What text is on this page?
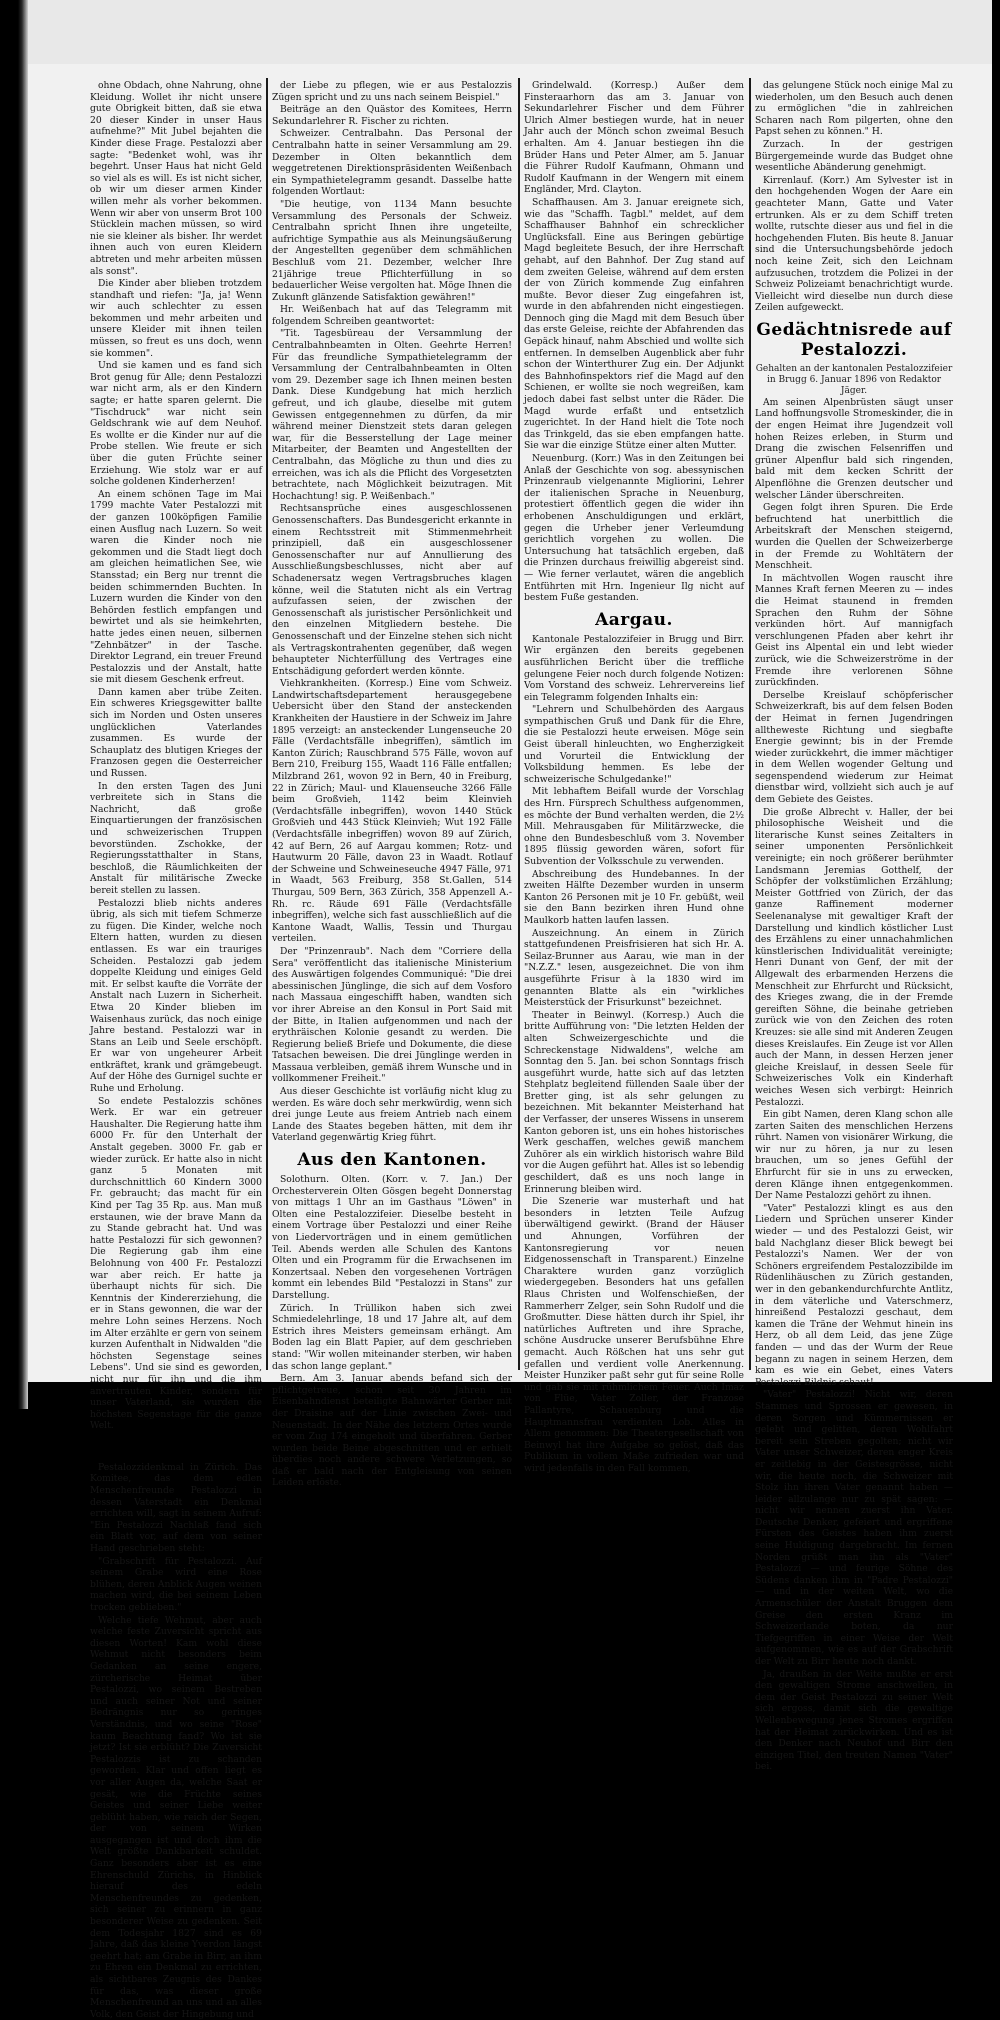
ohne Obdach, ohne Nahrung, ohne Kleidung. Wollet ihr nicht unsere gute Obrigkeit bitten, daß sie etwa 20 dieser Kinder in unser Haus aufnehme?" Mit Jubel bejahten die Kinder diese Frage. Pestalozzi aber sagte: "Bedenket wohl, was ihr begehrt. Unser Haus hat nicht Geld so viel als es will. Es ist nicht sicher, ob wir um dieser armen Kinder willen mehr als vorher bekommen. Wenn wir aber von unserm Brot 100 Stücklein machen müssen, so wird nie sie kleiner als bisher. Ihr werdet ihnen auch von euren Kleidern abtreten und mehr arbeiten müssen als sonst".

Die Kinder aber blieben trotzdem standhaft und riefen: "Ja, ja! Wenn wir auch schlechter zu essen bekommen und mehr arbeiten und unsere Kleider mit ihnen teilen müssen, so freut es uns doch, wenn sie kommen".

Und sie kamen und es fand sich Brot genug für Alle; denn Pestalozzi war nicht arm, als er den Kindern sagte; er hatte sparen gelernt. Die "Tischdruck" war nicht sein Geldschrank wie auf dem Neuhof. Es wollte er die Kinder nur auf die Probe stellen. Wie freute er sich über die guten Früchte seiner Erziehung. Wie stolz war er auf solche goldenen Kinderherzen!

An einem schönen Tage im Mai 1799 machte Vater Pestalozzi mit der ganzen 100köpfigen Familie einen Ausflug nach Luzern. So weit waren die Kinder noch nie gekommen und die Stadt liegt doch am gleichen heimatlichen See, wie Stansstad; ein Berg nur trennt die beiden schimmernden Buchten. In Luzern wurden die Kinder von den Behörden festlich empfangen und bewirtet und als sie heimkehrten, hatte jedes einen neuen, silbernen "Zehnbätzer" in der Tasche. Direktor Legrand, ein treuer Freund Pestalozzis und der Anstalt, hatte sie mit diesem Geschenk erfreut.

Dann kamen aber trübe Zeiten. Ein schweres Kriegsgewitter ballte sich im Norden und Osten unseres unglücklichen Vaterlandes zusammen. Es wurde der Schauplatz des blutigen Krieges der Franzosen gegen die Oesterreicher und Russen.

In den ersten Tagen des Juni verbreitete sich in Stans die Nachricht, daß große Einquartierungen der französischen und schweizerischen Truppen bevorstünden. Zschokke, der Regierungsstatthalter in Stans, beschloß, die Räumlichkeiten der Anstalt für militärische Zwecke bereit stellen zu lassen.

Pestalozzi blieb nichts anderes übrig, als sich mit tiefem Schmerze zu fügen. Die Kinder, welche noch Eltern hatten, wurden zu diesen entlassen. Es war ein trauriges Scheiden. Pestalozzi gab jedem doppelte Kleidung und einiges Geld mit. Er selbst kaufte die Vorräte der Anstalt nach Luzern in Sicherheit. Etwa 20 Kinder blieben im Waisenhaus zurück, das noch einige Jahre bestand. Pestalozzi war in Stans an Leib und Seele erschöpft. Er war von ungeheurer Arbeit entkräftet, krank und grämgebeugt. Auf der Höhe des Gurnigel suchte er Ruhe und Erholung.

So endete Pestalozzis schönes Werk. Er war ein getreuer Haushalter. Die Regierung hatte ihm 6000 Fr. für den Unterhalt der Anstalt gegeben. 3000 Fr. gab er wieder zurück. Er hatte also in nicht ganz 5 Monaten mit durchschnittlich 60 Kindern 3000 Fr. gebraucht; das macht für ein Kind per Tag 35 Rp. aus. Man muß erstaunen, wie der brave Mann da zu Stande gebracht hat. Und was hatte Pestalozzi für sich gewonnen? Die Regierung gab ihm eine Belohnung von 400 Fr. Pestalozzi war aber reich. Er hatte ja überhaupt nichts für sich. Die Kenntnis der Kindererziehung, die er in Stans gewonnen, die war der mehre Lohn seines Herzens. Noch im Alter erzählte er gern von seinem kurzen Aufenthalt in Nidwalden "die höchsten Segenstage seines Lebens". Und sie sind es geworden, nicht nur für ihn und die ihm anvertrauten Kinder, sondern für unser Vaterland, sie wurden die höchsten Segenstage für die ganze Welt.

Eidgenossenschaft.

Pestalozzidenkmal in Zürich. Das Komitee, das dem edlen Menschenfreunde Pestalozzi in dessen Vaterstadt ein Denkmal errichten will, sagt in seinem Aufruf: "Ein Pestalozzi Nachlaß fand sich ein Blatt vor, auf dem von seiner Hand geschrieben steht:

"Grabschrift für Pestalozzi. Auf seinem Grabe wird eine Rose blühen, deren Anblick Augen weinen machen wird, die bei seinem Leben trocken geblieben."

Welche tiefe Wehmut, aber auch welche feste Zuversicht spricht aus diesen Worten! Kam wohl diese Wehmut nicht besonders beim Gedanken an seine engere, zürcherische Heimat über Pestalozzi, wo seinem Bestreben und auch seiner Not und seiner Bedrängnis nur so geringes Verständnis, und wo seine "Rose" kaum Beachtung fand? Wo ist sie jetzt? Ist sie erblüht? Die Zuversicht Pestalozzis ist zu schanden geworden. Klar und offen liegt es vor aller Augen da, welche Saat er gesät, wie die Früchte seines Geistes und seiner Liebe weiter geblüht haben, wie reich der Segen, der von seinem Wirken ausgegangen ist und doch ihm die Welt größte Dankbarkeit schuldet. Ganz besonders aber ist es eine Ehrenschuld Zürichs, in Hinblick hierauf des edeln Menschenfreundes zu gedenken, sich seiner zu erinnern in ganz besonderer Weise zu gedenken. Seit dem Todesjahr 1827 sind es 69 Jahre, daß das kleine Yverdon längst geehrt hat; am Grabe in Birr, an ihm zu Ehren ein Denkmal zu errichten, als sichtbares Zeugnis des Dankes für das, was dieser große Menschenfreund an uns und an alles Volk, den Geist der Hingebung und

der Liebe zu pflegen, wie er aus Pestalozzis Zügen spricht und zu uns nach seinem Beispiel."

Beiträge an den Quästor des Komitees, Herrn Sekundarlehrer R. Fischer zu richten.

Schweizer. Centralbahn. Das Personal der Centralbahn hatte in seiner Versammlung am 29. Dezember in Olten bekanntlich dem weggetretenen Direktionspräsidenten Weißenbach ein Sympathietelegramm gesandt. Dasselbe hatte folgenden Wortlaut:

"Die heutige, von 1134 Mann besuchte Versammlung des Personals der Schweiz. Centralbahn spricht Ihnen ihre ungeteilte, aufrichtige Sympathie aus als Meinungsäußerung der Angestellten gegenüber dem schmählichen Beschluß vom 21. Dezember, welcher Ihre 21jährige treue Pflichterfüllung in so bedauerlicher Weise vergolten hat. Möge Ihnen die Zukunft glänzende Satisfaktion gewähren!"

Hr. Weißenbach hat auf das Telegramm mit folgendem Schreiben geantwortet:

"Tit. Tagesbüreau der Versammlung der Centralbahnbeamten in Olten. Geehrte Herren! Für das freundliche Sympathietelegramm der Versammlung der Centralbahnbeamten in Olten vom 29. Dezember sage ich Ihnen meinen besten Dank. Diese Kundgebung hat mich herzlich gefreut, und ich glaube, dieselbe mit gutem Gewissen entgegennehmen zu dürfen, da mir während meiner Dienstzeit stets daran gelegen war, für die Besserstellung der Lage meiner Mitarbeiter, der Beamten und Angestellten der Centralbahn, das Mögliche zu thun und dies zu erreichen, was ich als die Pflicht des Vorgesetzten betrachtete, nach Möglichkeit beizutragen. Mit Hochachtung! sig. P. Weißenbach."

Rechtsansprüche eines ausgeschlossenen Genossenschafters. Das Bundesgericht erkannte in einem Rechtsstreit mit Stimmenmehrheit prinzipiell, daß ein ausgeschlossener Genossenschafter nur auf Annullierung des Ausschließungsbeschlusses, nicht aber auf Schadenersatz wegen Vertragsbruches klagen könne, weil die Statuten nicht als ein Vertrag aufzufassen seien, der zwischen der Genossenschaft als juristischer Persönlichkeit und den einzelnen Mitgliedern bestehe. Die Genossenschaft und der Einzelne stehen sich nicht als Vertragskontrahenten gegenüber, daß wegen behaupteter Nichterfüllung des Vertrages eine Entschädigung gefordert werden könnte.

Viehkrankheiten. (Korresp.) Eine vom Schweiz. Landwirtschaftsdepartement herausgegebene Uebersicht über den Stand der ansteckenden Krankheiten der Haustiere in der Schweiz im Jahre 1895 verzeigt: an ansteckender Lungenseuche 20 Fälle (Verdachtsfälle inbegriffen), sämtlich im Kanton Zürich; Rauschbrand 575 Fälle, wovon auf Bern 210, Freiburg 155, Waadt 116 Fälle entfallen; Milzbrand 261, wovon 92 in Bern, 40 in Freiburg, 22 in Zürich; Maul- und Klauenseuche 3266 Fälle beim Großvieh, 1142 beim Kleinvieh (Verdachtsfälle inbegriffen), wovon 1440 Stück Großvieh und 443 Stück Kleinvieh; Wut 192 Fälle (Verdachtsfälle inbegriffen) wovon 89 auf Zürich, 42 auf Bern, 26 auf Aargau kommen; Rotz- und Hautwurm 20 Fälle, davon 23 in Waadt. Rotlauf der Schweine und Schweineseuche 4947 Fälle, 971 in Waadt, 563 Freiburg, 358 St.Gallen, 514 Thurgau, 509 Bern, 363 Zürich, 358 Appenzell A.-Rh. rc. Räude 691 Fälle (Verdachtsfälle inbegriffen), welche sich fast ausschließlich auf die Kantone Waadt, Wallis, Tessin und Thurgau verteilen.

Der "Prinzenraub". Nach dem "Corriere della Sera" veröffentlicht das italienische Ministerium des Auswärtigen folgendes Communiqué: "Die drei abessinischen Jünglinge, die sich auf dem Vosforo nach Massaua eingeschifft haben, wandten sich vor ihrer Abreise an den Konsul in Port Said mit der Bitte, in Italien aufgenommen und nach der erythräischen Kolonie gesandt zu werden. Die Regierung beließ Briefe und Dokumente, die diese Tatsachen beweisen. Die drei Jünglinge werden in Massaua verbleiben, gemäß ihrem Wunsche und in vollkommener Freiheit."

Aus dieser Geschichte ist vorläufig nicht klug zu werden. Es wäre doch sehr merkwürdig, wenn sich drei junge Leute aus freiem Antrieb nach einem Lande des Staates begeben hätten, mit dem ihr Vaterland gegenwärtig Krieg führt.

Aus den Kantonen.

Solothurn. Olten. (Korr. v. 7. Jan.) Der Orchesterverein Olten Gösgen begeht Donnerstag von mittags 1 Uhr an im Gasthaus "Löwen" in Olten eine Pestalozzifeier. Dieselbe besteht in einem Vortrage über Pestalozzi und einer Reihe von Liedervorträgen und in einem gemütlichen Teil. Abends werden alle Schulen des Kantons Olten und ein Programm für die Erwachsenen im Konzertsaal. Neben den vorgesehenen Vorträgen kommt ein lebendes Bild "Pestalozzi in Stans" zur Darstellung.

Zürich. In Trüllikon haben sich zwei Schmiedelehrlinge, 18 und 17 Jahre alt, auf dem Estrich ihres Meisters gemeinsam erhängt. Am Boden lag ein Blatt Papier, auf dem geschrieben stand: "Wir wollen miteinander sterben, wir haben das schon lange geplant."

Bern. Am 3. Januar abends befand sich der pflichtgetreue, schon seit 30 Jahren im Eisenbahndienst beteiligte Bahnwärter Gerber mit der Draisine auf der Linie zwischen Zwei- und Neuenstadt. In der Nähe des letztern Ortes wurde er vom Zug 174 eingeholt und überfahren. Gerber wurden beide Beine abgeschnitten und er erhielt überdies noch andere schwere Verletzungen, so daß er bald nach der Entgleisung von seinen Leiden erlöste.

Grindelwald. (Korresp.) Außer dem Finsteraarhorn das am 3. Januar von Sekundarlehrer Fischer und dem Führer Ulrich Almer bestiegen wurde, hat in neuer Jahr auch der Mönch schon zweimal Besuch erhalten. Am 4. Januar bestiegen ihn die Brüder Hans und Peter Almer, am 5. Januar die Führer Rudolf Kaufmann, Ohmann und Rudolf Kaufmann in der Wengern mit einem Engländer, Mrd. Clayton.

Schaffhausen. Am 3. Januar ereignete sich, wie das "Schaffh. Tagbl." meldet, auf dem Schaffhauser Bahnhof ein schrecklicher Unglücksfall. Eine aus Beringen gebürtige Magd begleitete Besuch, der ihre Herrschaft gehabt, auf den Bahnhof. Der Zug stand auf dem zweiten Geleise, während auf dem ersten der von Zürich kommende Zug einfahren mußte. Bevor dieser Zug eingefahren ist, wurde in den abfahrenden nicht eingestiegen. Dennoch ging die Magd mit dem Besuch über das erste Geleise, reichte der Abfahrenden das Gepäck hinauf, nahm Abschied und wollte sich entfernen. In demselben Augenblick aber fuhr schon der Winterthurer Zug ein. Der Adjunkt des Bahnhofinspektors rief die Magd auf den Schienen, er wollte sie noch wegreißen, kam jedoch dabei fast selbst unter die Räder. Die Magd wurde erfaßt und entsetzlich zugerichtet. In der Hand hielt die Tote noch das Trinkgeld, das sie eben empfangen hatte. Sie war die einzige Stütze einer alten Mutter.

Neuenburg. (Korr.) Was in den Zeitungen bei Anlaß der Geschichte von sog. abessynischen Prinzenraub vielgenannte Migliorini, Lehrer der italienischen Sprache in Neuenburg, protestiert öffentlich gegen die wider ihn erhobenen Anschuldigungen und erklärt, gegen die Urheber jener Verleumdung gerichtlich vorgehen zu wollen. Die Untersuchung hat tatsächlich ergeben, daß die Prinzen durchaus freiwillig abgereist sind. — Wie ferner verlautet, wären die angeblich Entführten mit Hrn. Ingenieur Ilg nicht auf bestem Fuße gestanden.

Aargau.

Kantonale Pestalozzifeier in Brugg und Birr. Wir ergänzen den bereits gegebenen ausführlichen Bericht über die treffliche gelungene Feier noch durch folgende Notizen: Vom Vorstand des schweiz. Lehrervereins lief ein Telegramm folgenden Inhalts ein:

"Lehrern und Schulbehörden des Aargaus sympathischen Gruß und Dank für die Ehre, die sie Pestalozzi heute erweisen. Möge sein Geist überall hinleuchten, wo Engherzigkeit und Vorurteil die Entwicklung der Volksbildung hemmen. Es lebe der schweizerische Schulgedanke!"

Mit lebhaftem Beifall wurde der Vorschlag des Hrn. Fürsprech Schulthess aufgenommen, es möchte der Bund verhalten werden, die 2½ Mill. Mehrausgaben für Militärzwecke, die ohne den Bundesbeschluß vom 3. November 1895 flüssig geworden wären, sofort für Subvention der Volksschule zu verwenden.

Abschreibung des Hundebannes. In der zweiten Hälfte Dezember wurden in unserm Kanton 26 Personen mit je 10 Fr. gebüßt, weil sie den Bann bezirken ihren Hund ohne Maulkorb hatten laufen lassen.

Auszeichnung. An einem in Zürich stattgefundenen Preisfrisieren hat sich Hr. A. Seilaz-Brunner aus Aarau, wie man in der "N.Z.Z." lesen, ausgezeichnet. Die von ihm ausgeführte Frisur à la 1830 wird im genannten Blatte als ein "wirkliches Meisterstück der Frisurkunst" bezeichnet.

Theater in Beinwyl. (Korresp.) Auch die britte Aufführung von: "Die letzten Helden der alten Schweizergeschichte und die Schreckenstage Nidwaldens", welche am Sonntag den 5. Jan. bei schon Sonntags frisch ausgeführt wurde, hatte sich auf das letzten Stehplatz begleitend füllenden Saale über der Bretter ging, ist als sehr gelungen zu bezeichnen. Mit bekannter Meisterhand hat der Verfasser, der unseres Wissens in unserem Kanton geboren ist, uns ein hohes historisches Werk geschaffen, welches gewiß manchem Zuhörer als ein wirklich historisch wahre Bild vor die Augen geführt hat. Alles ist so lebendig geschildert, daß es uns noch lange in Erinnerung bleiben wird.

Die Szenerie war musterhaft und hat besonders in letzten Teile Aufzug überwältigend gewirkt. (Brand der Häuser und Ahnungen, Vorführen der Kantonsregierung vor neuen Eidgenossenschaft in Transparent.) Einzelne Charaktere wurden ganz vorzüglich wiedergegeben. Besonders hat uns gefallen Rlaus Christen und Wolfenschießen, der Rammerherr Zelger, sein Sohn Rudolf und die Großmutter. Diese hätten durch ihr Spiel, ihr natürliches Auftreten und ihre Sprache, schöne Ausdrucke unserer Berufsbühne Ehre gemacht. Auch Rößchen hat uns sehr gut gefallen und verdient volle Anerkennung. Meister Hunziker paßt sehr gut für seine Rolle und gab sie mit rühmlichem Feuer. Auch Imaz von Flüe, Vater Zoller, der Franzose Pallantyre, Schauenburg und die Hauptmannsfrau verdienten Lob. Alles in Allem genommen: Die Theatergesellschaft von Beinwyl hat ihre Aufgabe so gelöst, daß das Publikum in vollem Maße zufrieden war und wird jedenfalls in den Fall kommen,

das gelungene Stück noch einige Mal zu wiederholen, um den Besuch auch denen zu ermöglichen "die in zahlreichen Scharen nach Rom pilgerten, ohne den Papst sehen zu können." H.

Zurzach. In der gestrigen Bürgergemeinde wurde das Budget ohne wesentliche Abänderung genehmigt.

Kirrenlauf. (Korr.) Am Sylvester ist in den hochgehenden Wogen der Aare ein geachteter Mann, Gatte und Vater ertrunken. Als er zu dem Schiff treten wollte, rutschte dieser aus und fiel in die hochgehenden Fluten. Bis heute 8. Januar sind die Untersuchungsbehörde jedoch noch keine Zeit, sich den Leichnam aufzusuchen, trotzdem die Polizei in der Schweiz Polizeiamt benachrichtigt wurde. Vielleicht wird dieselbe nun durch diese Zeilen aufgeweckt.

Gedächtnisrede auf Pestalozzi.

Gehalten an der kantonalen Pestalozzifeier in Brugg 6. Januar 1896 von Redaktor Jäger.

Am seinen Alpenbrüsten säugt unser Land hoffnungsvolle Stromeskinder, die in der engen Heimat ihre Jugendzeit voll hohen Reizes erleben, in Sturm und Drang die zwischen Felsenriffen und grüner Alpenflur bald sich ringenden, bald mit dem kecken Schritt der Alpenflöhne die Grenzen deutscher und welscher Länder überschreiten.

Gegen folgt ihren Spuren. Die Erde befruchtend hat unerbittlich die Arbeitskraft der Menschen steigernd, wurden die Quellen der Schweizerberge in der Fremde zu Wohltätern der Menschheit.

In mächtvollen Wogen rauscht ihre Mannes Kraft fernen Meeren zu — indes die Heimat staunend in fremden Sprachen den Ruhm der Söhne verkünden hört. Auf mannigfach verschlungenen Pfaden aber kehrt ihr Geist ins Alpental ein und lebt wieder zurück, wie die Schweizerströme in der Fremde ihre verlorenen Söhne zurückfinden.

Derselbe Kreislauf schöpferischer Schweizerkraft, bis auf dem felsen Boden der Heimat in fernen Jugendringen alltheweste Richtung und siegbafte Energie gewinnt; bis in der Fremde wieder zurückkehrt, die immer mächtiger in dem Wellen wogender Geltung und segenspendend wiederum zur Heimat dienstbar wird, vollzieht sich auch je auf dem Gebiete des Geistes.

Die große Albrecht v. Haller, der bei philosophische Weisheit und die literarische Kunst seines Zeitalters in seiner umponenten Persönlichkeit vereinigte; ein noch größerer berühmter Landsmann Jeremias Gotthelf, der Schöpfer der volkstümlichen Erzählung; Meister Gottfried von Zürich, der das ganze Raffinement moderner Seelenanalyse mit gewaltiger Kraft der Darstellung und kindlich köstlicher Lust des Erzählens zu einer unnachahmlichen künstlerischen Individualität vereinigte; Henri Dunant von Genf, der mit der Allgewalt des erbarmenden Herzens die Menschheit zur Ehrfurcht und Rücksicht, des Krieges zwang, die in der Fremde gereiften Söhne, die beinahe getrieben zurück wie von den Zeichen des roten Kreuzes: sie alle sind mit Anderen Zeugen dieses Kreislaufes. Ein Zeuge ist vor Allen auch der Mann, in dessen Herzen jener gleiche Kreislauf, in dessen Seele für Schweizerisches Volk ein Kinderhaft weiches Wesen sich verbirgt: Heinrich Pestalozzi.

Ein gibt Namen, deren Klang schon alle zarten Saiten des menschlichen Herzens rührt. Namen von visionärer Wirkung, die wir nur zu hören, ja nur zu lesen brauchen, um so jenes Gefühl der Ehrfurcht für sie in uns zu erwecken, deren Klänge ihnen entgegenkommen. Der Name Pestalozzi gehört zu ihnen.

"Vater" Pestalozzi klingt es aus den Liedern und Sprüchen unserer Kinder wieder — und des Pestalozzi Geist, wir bald Nachglanz dieser Blick bewegt bei Pestalozzi's Namen. Wer der von Schöners ergreifendem Pestalozzibilde im Rüdenlihäuschen zu Zürich gestanden, wer in den gebankendurchfurchte Antlitz, in dem väterliche und Vaterschmerz, hinreißend Pestalozzi geschaut, dem kamen die Träne der Wehmut hinein ins Herz, ob all dem Leid, das jene Züge fanden — und das der Wurm der Reue begann zu nagen in seinem Herzen, dem kam es wie ein Gebet, eines Vaters Pestalozzi Bildnis schaut!

"Vater" Pestalozzi! Nicht wir, deren Stammes und Sprossen er gewesen, in deren Sorgen und Kümmernissen er gelebt und gelitten, deren Wohlfahrt bereit sein Streben gegolten; nicht wir Vater unser Schweizer, deren enger Kreis er zeitlebig in der Geistesgrösse, nicht wir, die heute noch, die Schweizer mit Stolz ihn ihren Vater genannt haben — leider allzulange nur zu spät sagen: — nicht wir nennen zuerst ihn Vater. Deutsche Denker, gefeiert und ergriffene Fürsten des Geistes haben ihm zuerst seine Huldigung dargebracht. Im fernen Norden grüßt man ihn als "Vater" Pestalozzi — und feurige Söhne des Südens danken ihm in "Padre Pestalozzi" — und in der weiten Welt, wo die Armenschüler der Anstalt Bruggen dem Greise den ersten Kranz im Schweizerlande boten, da nur Tiefgegriffen in einer Weise der Welt aufgenommen, wie es auf der Grabschrift der Welt zu Birr heute noch dankt.

Ja, draußen in der Weite mußte er erst den gewaltigen Strome anschwellen, in dem der Geist Pestalozzi zu seiner Welt sich ergoss, damit sich die gewaltige Wellenbewegung jenes Stromes ergriffen hat der Heimat zurückwirken. Und es ist den Denker nach Neuhof und Birr den einzigen Titel, den treuten Namen "Vater" bei.
